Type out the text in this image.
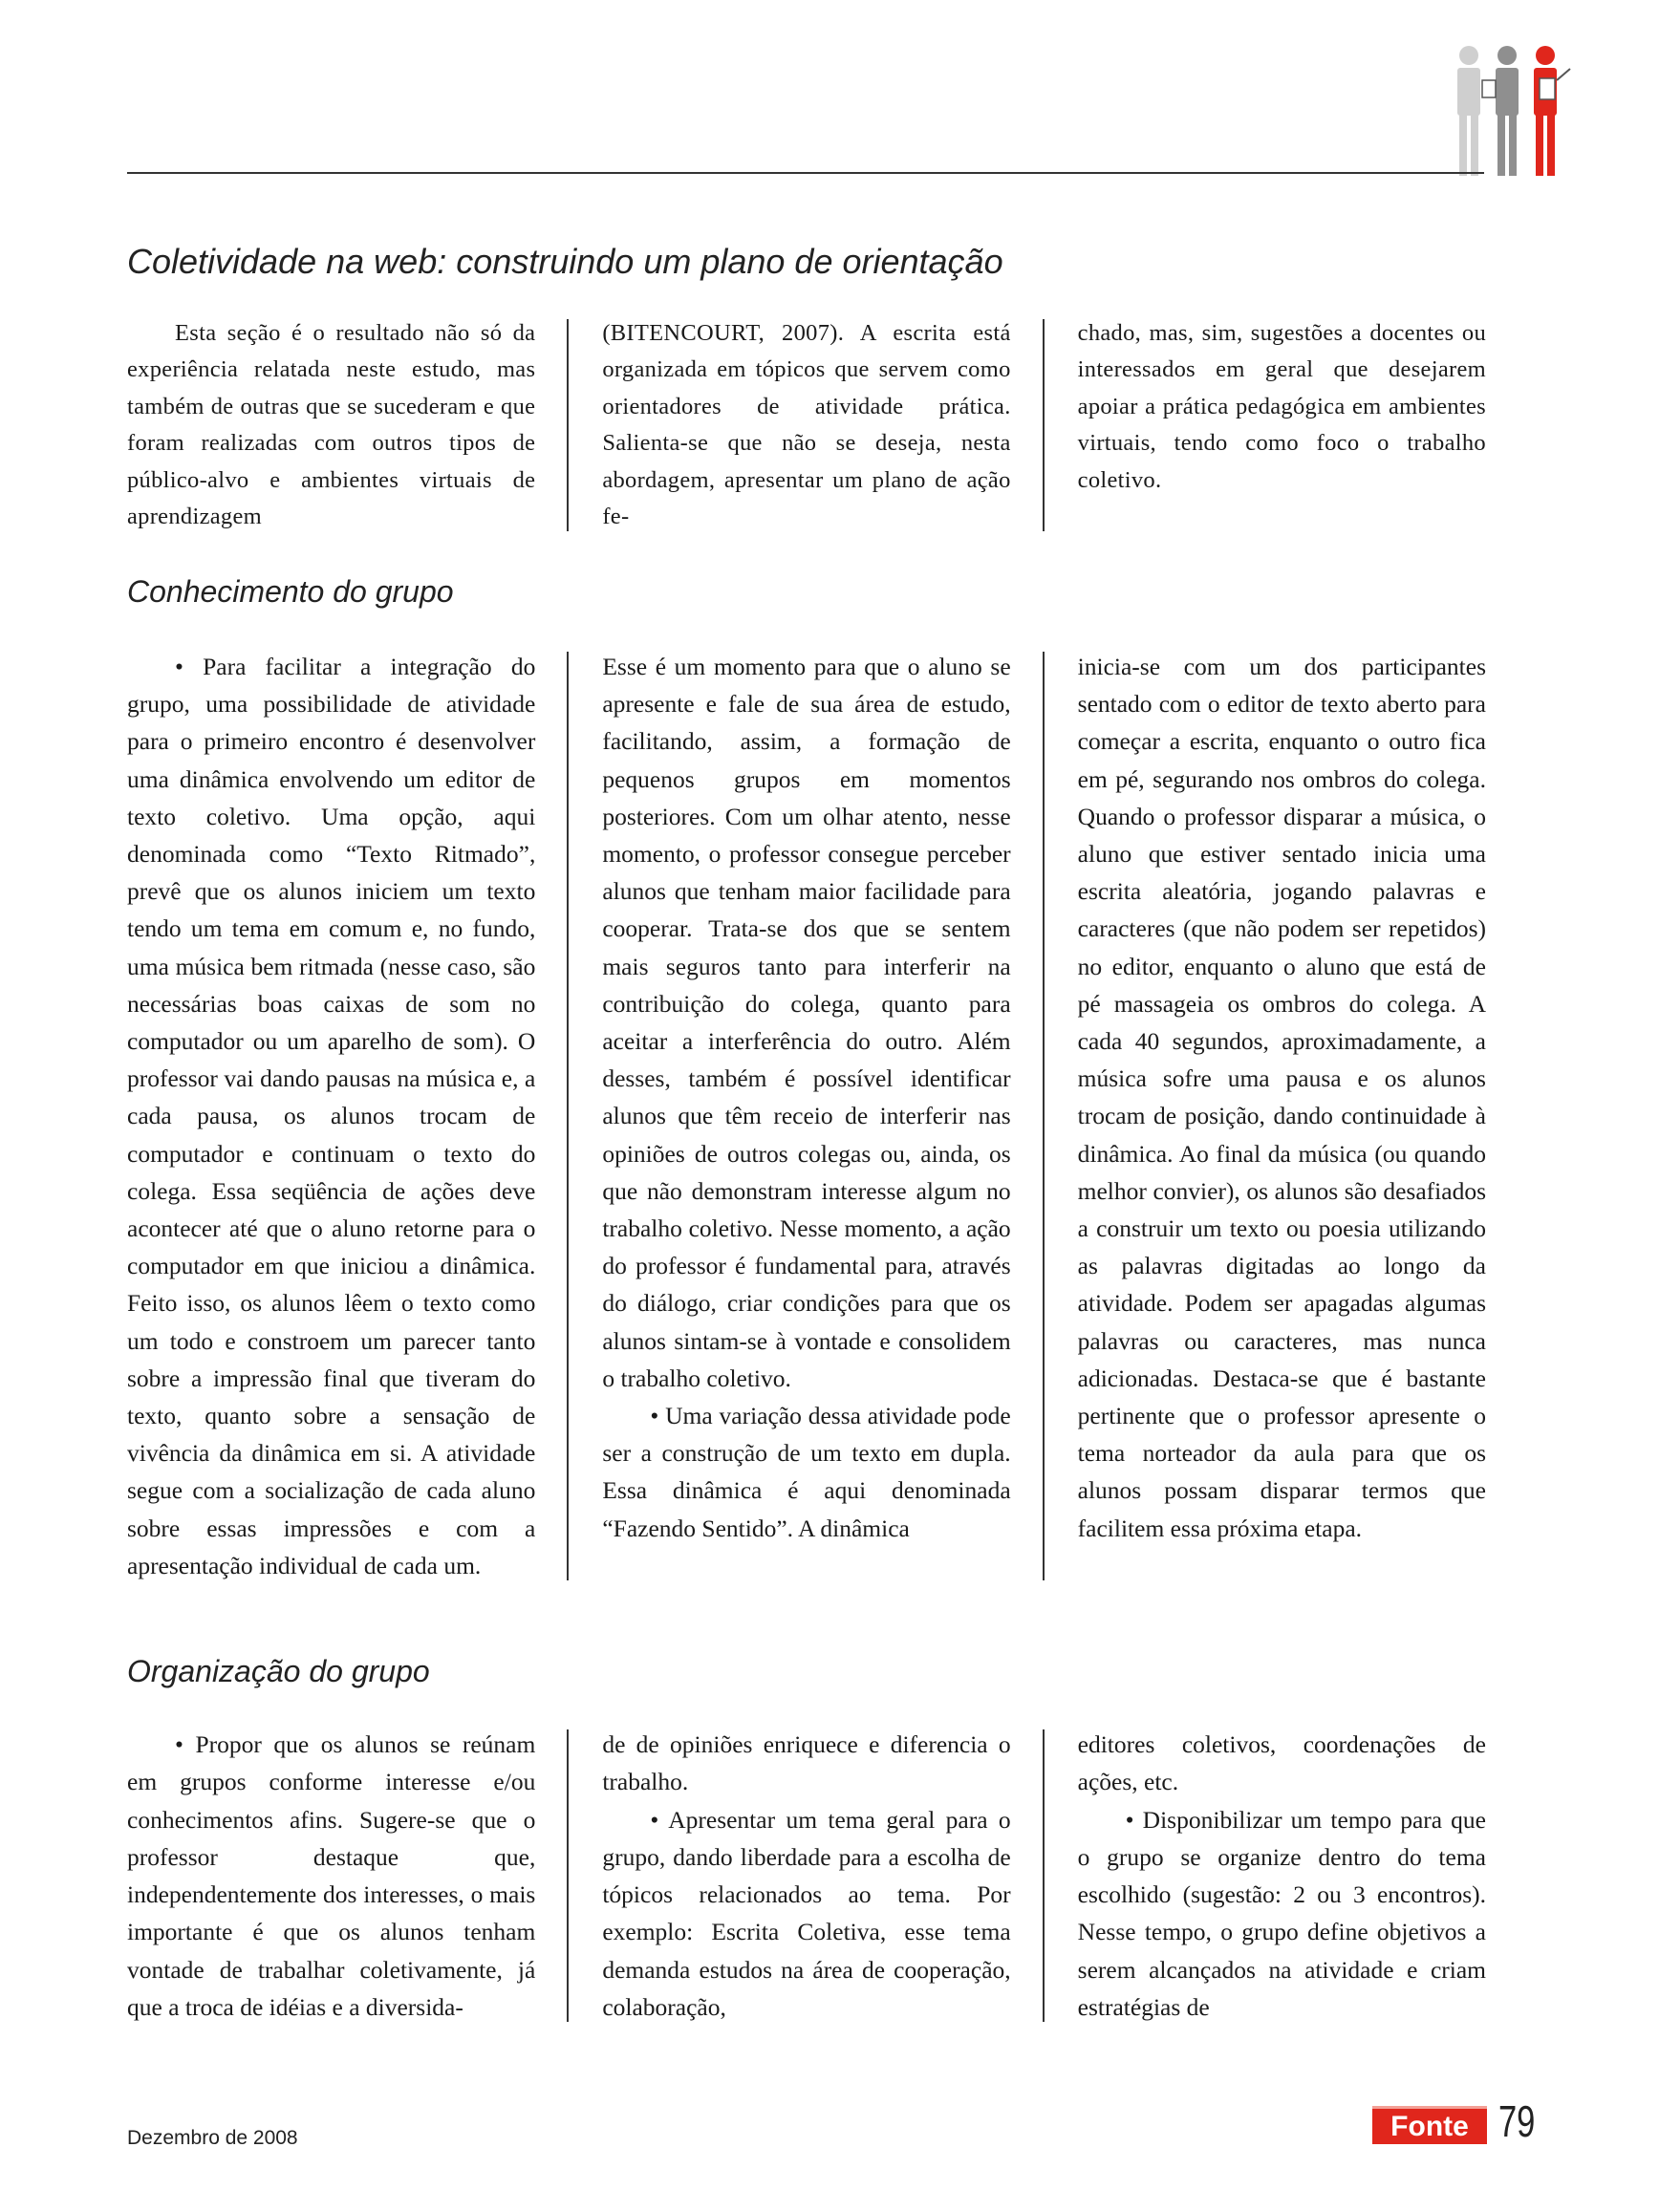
Coletividade na web: construindo um plano de orientação

Esta seção é o resultado não só da experiência relatada neste estudo, mas também de outras que se sucederam e que foram realizadas com outros tipos de público-alvo e ambientes virtuais de aprendizagem

(BITENCOURT, 2007). A escrita está organizada em tópicos que servem como orientadores de atividade prática. Salienta-se que não se deseja, nesta abordagem, apresentar um plano de ação fe-

chado, mas, sim, sugestões a docentes ou interessados em geral que desejarem apoiar a prática pedagógica em ambientes virtuais, tendo como foco o trabalho coletivo.

Conhecimento do grupo

• Para facilitar a integração do grupo, uma possibilidade de atividade para o primeiro encontro é desenvolver uma dinâmica envolvendo um editor de texto coletivo. Uma opção, aqui denominada como “Texto Ritmado”, prevê que os alunos iniciem um texto tendo um tema em comum e, no fundo, uma música bem ritmada (nesse caso, são necessárias boas caixas de som no computador ou um aparelho de som). O professor vai dando pausas na música e, a cada pausa, os alunos trocam de computador e continuam o texto do colega. Essa seqüência de ações deve acontecer até que o aluno retorne para o computador em que iniciou a dinâmica. Feito isso, os alunos lêem o texto como um todo e constroem um parecer tanto sobre a impressão final que tiveram do texto, quanto sobre a sensação de vivência da dinâmica em si. A atividade segue com a socialização de cada aluno sobre essas impressões e com a apresentação individual de cada um.

Esse é um momento para que o aluno se apresente e fale de sua área de estudo, facilitando, assim, a formação de pequenos grupos em momentos posteriores. Com um olhar atento, nesse momento, o professor consegue perceber alunos que tenham maior facilidade para cooperar. Trata-se dos que se sentem mais seguros tanto para interferir na contribuição do colega, quanto para aceitar a interferência do outro. Além desses, também é possível identificar alunos que têm receio de interferir nas opiniões de outros colegas ou, ainda, os que não demonstram interesse algum no trabalho coletivo. Nesse momento, a ação do professor é fundamental para, através do diálogo, criar condições para que os alunos sintam-se à vontade e consolidem o trabalho coletivo.

• Uma variação dessa atividade pode ser a construção de um texto em dupla. Essa dinâmica é aqui denominada “Fazendo Sentido”. A dinâmica

inicia-se com um dos participantes sentado com o editor de texto aberto para começar a escrita, enquanto o outro fica em pé, segurando nos ombros do colega. Quando o professor disparar a música, o aluno que estiver sentado inicia uma escrita aleatória, jogando palavras e caracteres (que não podem ser repetidos) no editor, enquanto o aluno que está de pé massageia os ombros do colega. A cada 40 segundos, aproximadamente, a música sofre uma pausa e os alunos trocam de posição, dando continuidade à dinâmica. Ao final da música (ou quando melhor convier), os alunos são desafiados a construir um texto ou poesia utilizando as palavras digitadas ao longo da atividade. Podem ser apagadas algumas palavras ou caracteres, mas nunca adicionadas. Destaca-se que é bastante pertinente que o professor apresente o tema norteador da aula para que os alunos possam disparar termos que facilitem essa próxima etapa.

Organização do grupo

• Propor que os alunos se reúnam em grupos conforme interesse e/ou conhecimentos afins. Sugere-se que o professor destaque que, independentemente dos interesses, o mais importante é que os alunos tenham vontade de trabalhar coletivamente, já que a troca de idéias e a diversida-

de de opiniões enriquece e diferencia o trabalho.

• Apresentar um tema geral para o grupo, dando liberdade para a escolha de tópicos relacionados ao tema. Por exemplo: Escrita Coletiva, esse tema demanda estudos na área de cooperação, colaboração,

editores coletivos, coordenações de ações, etc.

• Disponibilizar um tempo para que o grupo se organize dentro do tema escolhido (sugestão: 2 ou 3 encontros). Nesse tempo, o grupo define objetivos a serem alcançados na atividade e criam estratégias de

Dezembro de 2008	Fonte 79
